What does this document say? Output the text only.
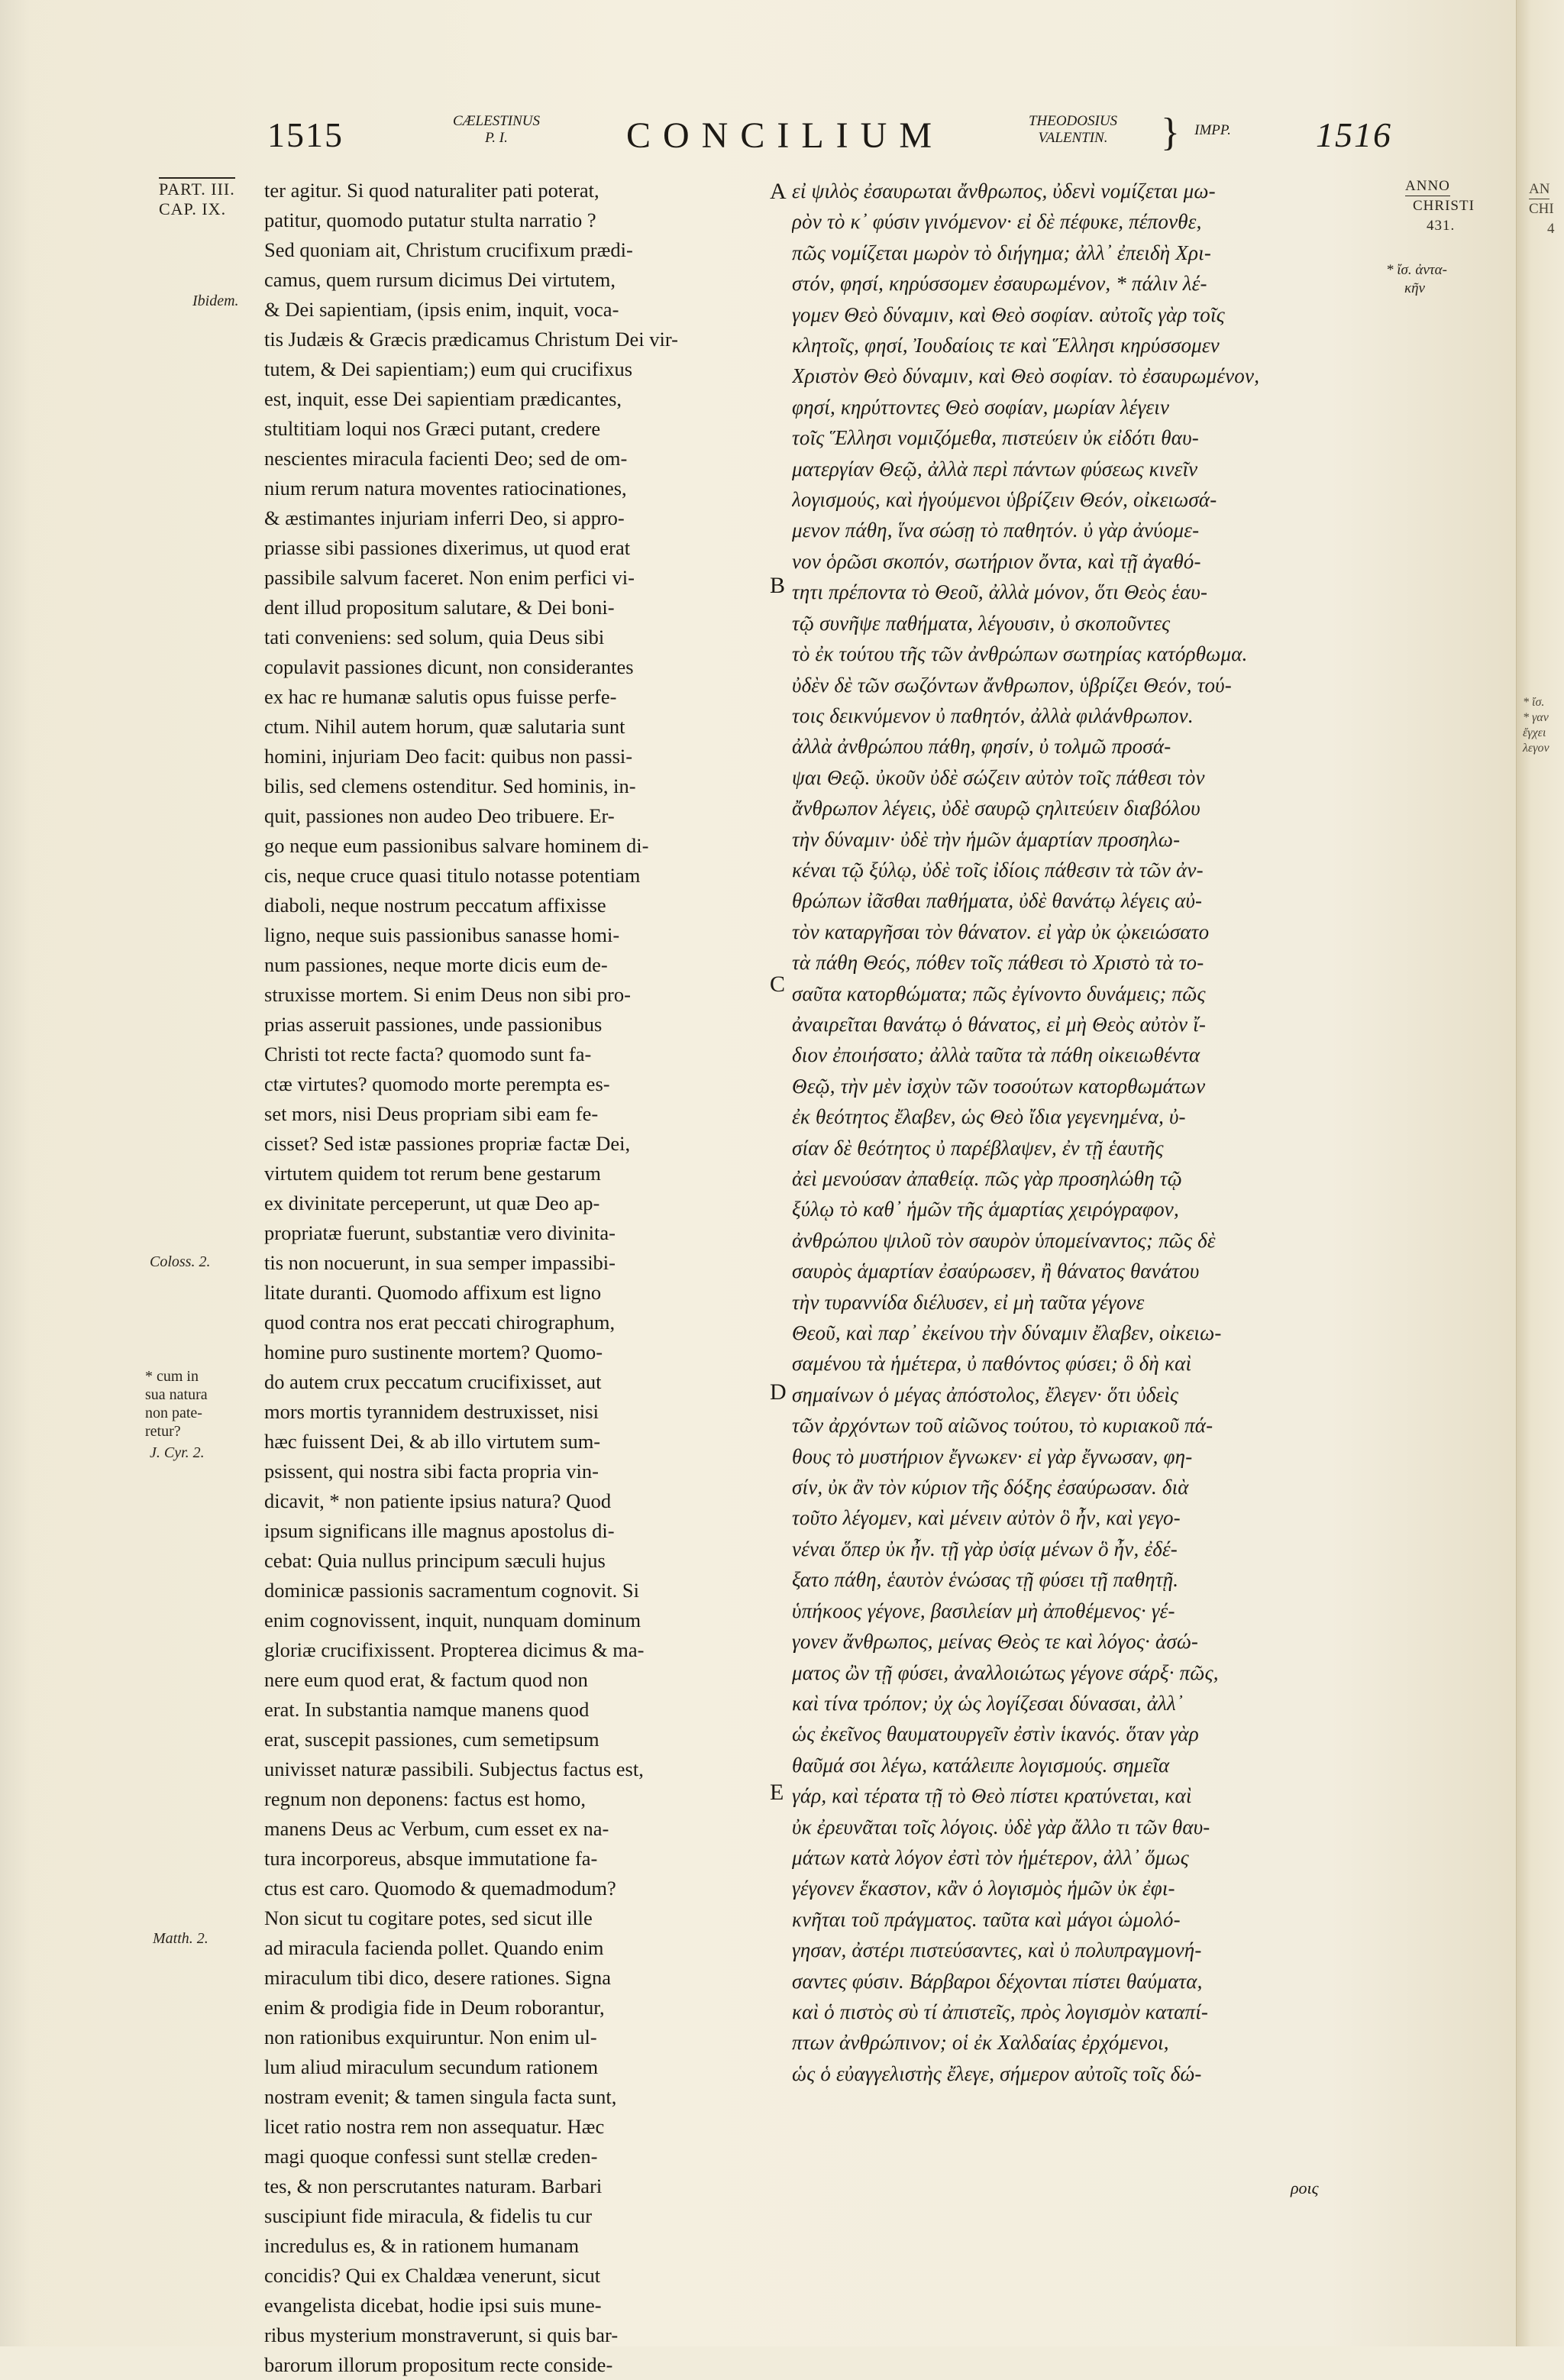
1515	CÆLESTINUS
P. I.	CONCILIUM	THEODOSIUS
VALENTIN.	}	IMPP.	1516
PART. III.
CAP. IX.
Ibidem.
Coloss. 2.
* cum in
sua natura
non pate-
retur?
J. Cyr. 2.
Matth. 2.
ANNO
CHRISTI
431.
* ἴσ. ἀντα-
κῆν
AN
CHI
4
* ἴσ.
* γαν
ἔγχει
λεγον
A
B
C
D
E
ter agitur. Si quod naturaliter pati poterat,
patitur, quomodo putatur stulta narratio ?
Sed quoniam ait, Christum crucifixum prædi-
camus, quem rursum dicimus Dei virtutem,
& Dei sapientiam, (ipsis enim, inquit, voca-
tis Judæis & Græcis prædicamus Christum Dei vir-
tutem, & Dei sapientiam;) eum qui crucifixus
est, inquit, esse Dei sapientiam prædicantes,
stultitiam loqui nos Græci putant, credere
nescientes miracula facienti Deo; sed de om-
nium rerum natura moventes ratiocinationes,
& æstimantes injuriam inferri Deo, si appro-
priasse sibi passiones dixerimus, ut quod erat
passibile salvum faceret. Non enim perfici vi-
dent illud propositum salutare, & Dei boni-
tati conveniens: sed solum, quia Deus sibi
copulavit passiones dicunt, non considerantes
ex hac re humanæ salutis opus fuisse perfe-
ctum. Nihil autem horum, quæ salutaria sunt
homini, injuriam Deo facit: quibus non passi-
bilis, sed clemens ostenditur. Sed hominis, in-
quit, passiones non audeo Deo tribuere. Er-
go neque eum passionibus salvare hominem di-
cis, neque cruce quasi titulo notasse potentiam
diaboli, neque nostrum peccatum affixisse
ligno, neque suis passionibus sanasse homi-
num passiones, neque morte dicis eum de-
struxisse mortem. Si enim Deus non sibi pro-
prias asseruit passiones, unde passionibus
Christi tot recte facta? quomodo sunt fa-
ctæ virtutes? quomodo morte perempta es-
set mors, nisi Deus propriam sibi eam fe-
cisset? Sed istæ passiones propriæ factæ Dei,
virtutem quidem tot rerum bene gestarum
ex divinitate perceperunt, ut quæ Deo ap-
propriatæ fuerunt, substantiæ vero divinita-
tis non nocuerunt, in sua semper impassibi-
litate duranti. Quomodo affixum est ligno
quod contra nos erat peccati chirographum,
homine puro sustinente mortem? Quomo-
do autem crux peccatum crucifixisset, aut
mors mortis tyrannidem destruxisset, nisi
hæc fuissent Dei, & ab illo virtutem sum-
psissent, qui nostra sibi facta propria vin-
dicavit, * non patiente ipsius natura? Quod
ipsum significans ille magnus apostolus di-
cebat: Quia nullus principum sæculi hujus
dominicæ passionis sacramentum cognovit. Si
enim cognovissent, inquit, nunquam dominum
gloriæ crucifixissent. Propterea dicimus & ma-
nere eum quod erat, & factum quod non
erat. In substantia namque manens quod
erat, suscepit passiones, cum semetipsum
univisset naturæ passibili. Subjectus factus est,
regnum non deponens: factus est homo,
manens Deus ac Verbum, cum esset ex na-
tura incorporeus, absque immutatione fa-
ctus est caro. Quomodo & quemadmodum?
Non sicut tu cogitare potes, sed sicut ille
ad miracula facienda pollet. Quando enim
miraculum tibi dico, desere rationes. Signa
enim & prodigia fide in Deum roborantur,
non rationibus exquiruntur. Non enim ul-
lum aliud miraculum secundum rationem
nostram evenit; & tamen singula facta sunt,
licet ratio nostra rem non assequatur. Hæc
magi quoque confessi sunt stellæ creden-
tes, & non perscrutantes naturam. Barbari
suscipiunt fide miracula, & fidelis tu cur
incredulus es, & in rationem humanam
concidis? Qui ex Chaldæa venerunt, sicut
evangelista dicebat, hodie ipsi suis mune-
ribus mysterium monstraverunt, si quis bar-
barorum illorum propositum recte conside-
εἰ ψιλὸς ἐσαυρωται ἄνθρωπος, ὐδενὶ νομίζεται μω-
ρὸν τὸ κ᾽ φύσιν γινόμενον· εἰ δὲ πέφυκε, πέπονθε,
πῶς νομίζεται μωρὸν τὸ διήγημα; ἀλλ᾽ ἐπειδὴ Χρι-
στόν, φησί, κηρύσσομεν ἐσαυρωμένον, * πάλιν λέ-
γομεν Θεὸ δύναμιν, καὶ Θεὸ σοφίαν. αὐτοῖς γὰρ τοῖς
κλητοῖς, φησί, Ἰουδαίοις τε καὶ Ἕλλησι κηρύσσομεν
Χριστὸν Θεὸ δύναμιν, καὶ Θεὸ σοφίαν. τὸ ἐσαυρωμένον,
φησί, κηρύττοντες Θεὸ σοφίαν, μωρίαν λέγειν
τοῖς Ἕλλησι νομιζόμεθα, πιστεύειν ὐκ εἰδότι θαυ-
ματεργίαν Θεῷ, ἀλλὰ περὶ πάντων φύσεως κινεῖν
λογισμούς, καὶ ἡγούμενοι ὑβρίζειν Θεόν, οἰκειωσά-
μενον πάθη, ἵνα σώσῃ τὸ παθητόν. ὐ γὰρ ἀνύομε-
νον ὁρῶσι σκοπόν, σωτήριον ὄντα, καὶ τῇ ἀγαθό-
τητι πρέποντα τὸ Θεοῦ, ἀλλὰ μόνον, ὅτι Θεὸς ἑαυ-
τῷ συνῆψε παθήματα, λέγουσιν, ὐ σκοποῦντες
τὸ ἐκ τούτου τῆς τῶν ἀνθρώπων σωτηρίας κατόρθωμα.
ὐδὲν δὲ τῶν σωζόντων ἄνθρωπον, ὑβρίζει Θεόν, τού-
τοις δεικνύμενον ὐ παθητόν, ἀλλὰ φιλάνθρωπον.
ἀλλὰ ἀνθρώπου πάθη, φησίν, ὐ τολμῶ προσά-
ψαι Θεῷ. ὐκοῦν ὐδὲ σώζειν αὐτὸν τοῖς πάθεσι τὸν
ἄνθρωπον λέγεις, ὐδὲ σαυρῷ ςηλιτεύειν διαβόλου
τὴν δύναμιν· ὐδὲ τὴν ἡμῶν ἁμαρτίαν προσηλω-
κέναι τῷ ξύλῳ, ὐδὲ τοῖς ἰδίοις πάθεσιν τὰ τῶν ἀν-
θρώπων ἰᾶσθαι παθήματα, ὐδὲ θανάτῳ λέγεις αὐ-
τὸν καταργῆσαι τὸν θάνατον. εἰ γὰρ ὐκ ᾠκειώσατο
τὰ πάθη Θεός, πόθεν τοῖς πάθεσι τὸ Χριστὸ τὰ το-
σαῦτα κατορθώματα; πῶς ἐγίνοντο δυνάμεις; πῶς
ἀναιρεῖται θανάτῳ ὁ θάνατος, εἰ μὴ Θεὸς αὐτὸν ἴ-
διον ἐποιήσατο; ἀλλὰ ταῦτα τὰ πάθη οἰκειωθέντα
Θεῷ, τὴν μὲν ἰσχὺν τῶν τοσούτων κατορθωμάτων
ἐκ θεότητος ἔλαβεν, ὡς Θεὸ ἴδια γεγενημένα, ὐ-
σίαν δὲ θεότητος ὐ παρέβλαψεν, ἐν τῇ ἑαυτῆς
ἀεὶ μενούσαν ἀπαθείᾳ. πῶς γὰρ προσηλώθη τῷ
ξύλῳ τὸ καθ᾽ ἡμῶν τῆς ἁμαρτίας χειρόγραφον,
ἀνθρώπου ψιλοῦ τὸν σαυρὸν ὑπομείναντος; πῶς δὲ
σαυρὸς ἁμαρτίαν ἐσαύρωσεν, ἢ θάνατος θανάτου
τὴν τυραννίδα διέλυσεν, εἰ μὴ ταῦτα γέγονε
Θεοῦ, καὶ παρ᾽ ἐκείνου τὴν δύναμιν ἔλαβεν, οἰκειω-
σαμένου τὰ ἡμέτερα, ὐ παθόντος φύσει; ὃ δὴ καὶ
σημαίνων ὁ μέγας ἀπόστολος, ἔλεγεν· ὅτι ὐδεὶς
τῶν ἀρχόντων τοῦ αἰῶνος τούτου, τὸ κυριακοῦ πά-
θους τὸ μυστήριον ἔγνωκεν· εἰ γὰρ ἔγνωσαν, φη-
σίν, ὐκ ἂν τὸν κύριον τῆς δόξης ἐσαύρωσαν. διὰ
τοῦτο λέγομεν, καὶ μένειν αὐτὸν ὃ ἦν, καὶ γεγο-
νέναι ὅπερ ὐκ ἦν. τῇ γὰρ ὐσίᾳ μένων ὃ ἦν, ἐδέ-
ξατο πάθη, ἑαυτὸν ἑνώσας τῇ φύσει τῇ παθητῇ.
ὑπήκοος γέγονε, βασιλείαν μὴ ἀποθέμενος· γέ-
γονεν ἄνθρωπος, μείνας Θεὸς τε καὶ λόγος· ἀσώ-
ματος ὢν τῇ φύσει, ἀναλλοιώτως γέγονε σάρξ· πῶς,
καὶ τίνα τρόπον; ὐχ ὡς λογίζεσαι δύνασαι, ἀλλ᾽
ὡς ἐκεῖνος θαυματουργεῖν ἐστὶν ἱκανός. ὅταν γὰρ
θαῦμά σοι λέγω, κατάλειπε λογισμούς. σημεῖα
γάρ, καὶ τέρατα τῇ τὸ Θεὸ πίστει κρατύνεται, καὶ
ὐκ ἐρευνᾶται τοῖς λόγοις. ὐδὲ γὰρ ἄλλο τι τῶν θαυ-
μάτων κατὰ λόγον ἐστὶ τὸν ἡμέτερον, ἀλλ᾽ ὅμως
γέγονεν ἕκαστον, κἂν ὁ λογισμὸς ἡμῶν ὐκ ἐφι-
κνῆται τοῦ πράγματος. ταῦτα καὶ μάγοι ὡμολό-
γησαν, ἀστέρι πιστεύσαντες, καὶ ὐ πολυπραγμονή-
σαντες φύσιν. Βάρβαροι δέχονται πίστει θαύματα,
καὶ ὁ πιστὸς σὺ τί ἀπιστεῖς, πρὸς λογισμὸν καταπί-
πτων ἀνθρώπινον; οἱ ἐκ Χαλδαίας ἐρχόμενοι,
ὡς ὁ εὐαγγελιστὴς ἔλεγε, σήμερον αὐτοῖς τοῖς δώ-
ροις
